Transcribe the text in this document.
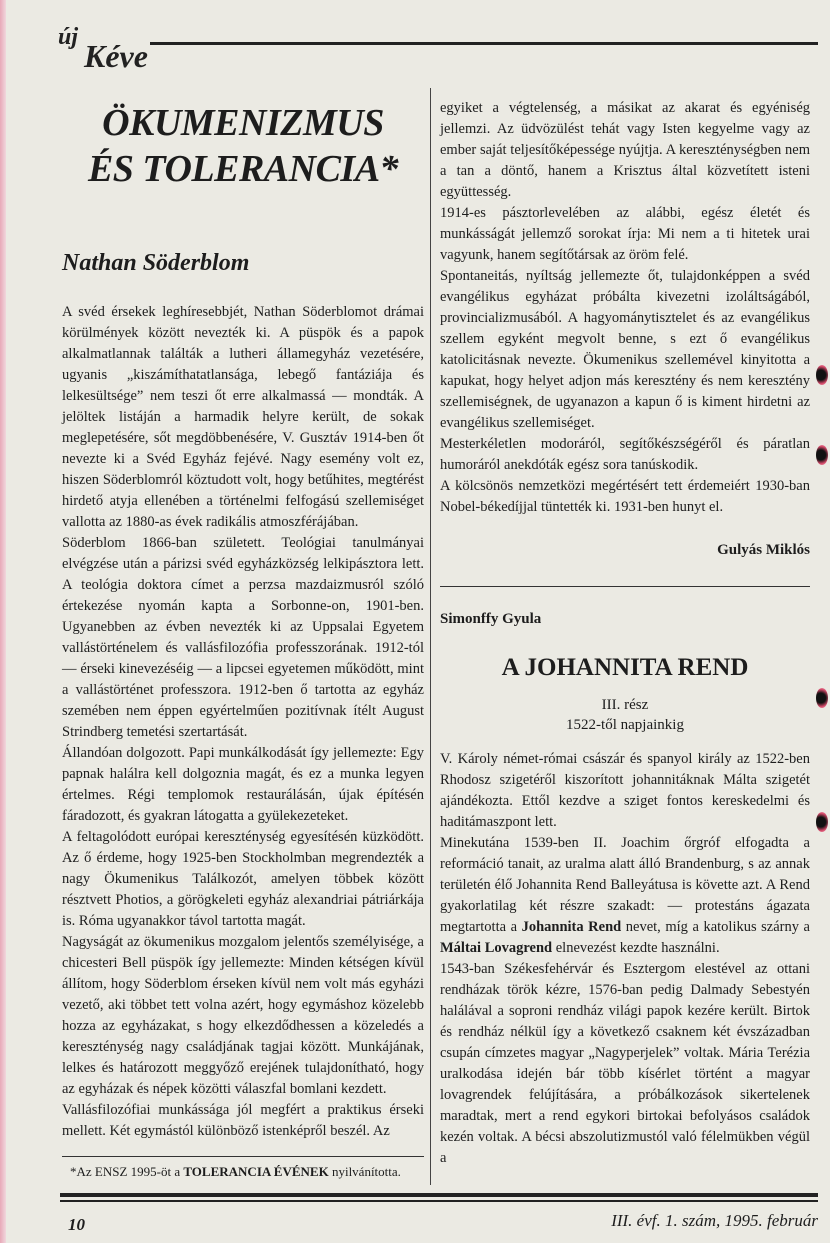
új
Kéve
ÖKUMENIZMUS
ÉS TOLERANCIA*
Nathan Söderblom

A svéd érsekek leghíresebbjét, Nathan Söderblomot drámai körülmények között nevezték ki. A püspök és a papok alkalmatlannak találták a lutheri államegyház vezetésére, ugyanis „kiszámíthatatlansága, lebegő fantáziája és lelkesültsége” nem teszi őt erre alkalmassá — mondták. A jelöltek listáján a harmadik helyre került, de sokak meglepetésére, sőt megdöbbenésére, V. Gusztáv 1914-ben őt nevezte ki a Svéd Egyház fejévé. Nagy esemény volt ez, hiszen Söderblomról köztudott volt, hogy betűhites, megtérést hirdető atyja ellenében a történelmi felfogású szellemiséget vallotta az 1880-as évek radikális atmoszférájában.

Söderblom 1866-ban született. Teológiai tanulmányai elvégzése után a párizsi svéd egyházközség lelkipásztora lett. A teológia doktora címet a perzsa mazdaizmusról szóló értekezése nyomán kapta a Sorbonne-on, 1901-ben. Ugyanebben az évben nevezték ki az Uppsalai Egyetem vallástörténelem és vallásfilozófia professzorának. 1912-tól — érseki kinevezéséig — a lipcsei egyetemen működött, mint a vallástörténet professzora. 1912-ben ő tartotta az egyház szemében nem éppen egyértelműen pozitívnak ítélt August Strindberg temetési szertartását.

Állandóan dolgozott. Papi munkálkodását így jellemezte: Egy papnak halálra kell dolgoznia magát, és ez a munka legyen értelmes. Régi templomok restaurálásán, újak építésén fáradozott, és gyakran látogatta a gyülekezeteket.

A feltagolódott európai kereszténység egyesítésén küzködött. Az ő érdeme, hogy 1925-ben Stockholmban megrendezték a nagy Ökumenikus Találkozót, amelyen többek között résztvett Photios, a görögkeleti egyház alexandriai pátriárkája is. Róma ugyanakkor távol tartotta magát.

Nagyságát az ökumenikus mozgalom jelentős személyisége, a chicesteri Bell püspök így jellemezte: Minden kétségen kívül állítom, hogy Söderblom érseken kívül nem volt más egyházi vezető, aki többet tett volna azért, hogy egymáshoz közelebb hozza az egyházakat, s hogy elkezdődhessen a közeledés a kereszténység nagy családjának tagjai között. Munkájának, lelkes és határozott meggyőző erejének tulajdonítható, hogy az egyházak és népek közötti válaszfal bomlani kezdett.

Vallásfilozófiai munkássága jól megfért a praktikus érseki mellett. Két egymástól különböző istenképről beszél. Az

*Az ENSZ 1995-öt a TOLERANCIA ÉVÉNEK nyilvánította.

egyiket a végtelenség, a másikat az akarat és egyéniség jellemzi. Az üdvözülést tehát vagy Isten kegyelme vagy az ember saját teljesítőképessége nyújtja. A kereszténységben nem a tan a döntő, hanem a Krisztus által közvetített isteni együttesség.

1914-es pásztorlevelében az alábbi, egész életét és munkásságát jellemző sorokat írja: Mi nem a ti hitetek urai vagyunk, hanem segítőtársak az öröm felé.

Spontaneitás, nyíltság jellemezte őt, tulajdonképpen a svéd evangélikus egyházat próbálta kivezetni izoláltságából, provincializmusából. A hagyománytisztelet és az evangélikus szellem egyként megvolt benne, s ezt ő evangélikus katolicitásnak nevezte. Ökumenikus szellemével kinyitotta a kapukat, hogy helyet adjon más keresztény és nem keresztény szellemiségnek, de ugyanazon a kapun ő is kiment hirdetni az evangélikus szellemiséget.

Mesterkéletlen modoráról, segítőkészségéről és páratlan humoráról anekdóták egész sora tanúskodik.

A kölcsönös nemzetközi megértésért tett érdemeiért 1930-ban Nobel-békedíjjal tüntették ki. 1931-ben hunyt el.

Gulyás Miklós
Simonffy Gyula
A JOHANNITA REND
III. rész
1522-től napjainkig

V. Károly német-római császár és spanyol király az 1522-ben Rhodosz szigetéről kiszorított johannitáknak Málta szigetét ajándékozta. Ettől kezdve a sziget fontos kereskedelmi és haditámaszpont lett.

Minekutána 1539-ben II. Joachim őrgróf elfogadta a reformáció tanait, az uralma alatt álló Brandenburg, s az annak területén élő Johannita Rend Balleyátusa is követte azt. A Rend gyakorlatilag két részre szakadt: — protestáns ágazata megtartotta a Johannita Rend nevet, míg a katolikus szárny a Máltai Lovagrend elnevezést kezdte használni.

1543-ban Székesfehérvár és Esztergom elestével az ottani rendházak török kézre, 1576-ban pedig Dalmady Sebestyén halálával a soproni rendház világi papok kezére került. Birtok és rendház nélkül így a következő csaknem két évszázadban csupán címzetes magyar „Nagyperjelek” voltak. Mária Terézia uralkodása idején bár több kísérlet történt a magyar lovagrendek felújítására, a próbálkozások sikertelenek maradtak, mert a rend egykori birtokai befolyásos családok kezén voltak. A bécsi abszolutizmustól való félelmükben végül a

10	III. évf. 1. szám, 1995. február
